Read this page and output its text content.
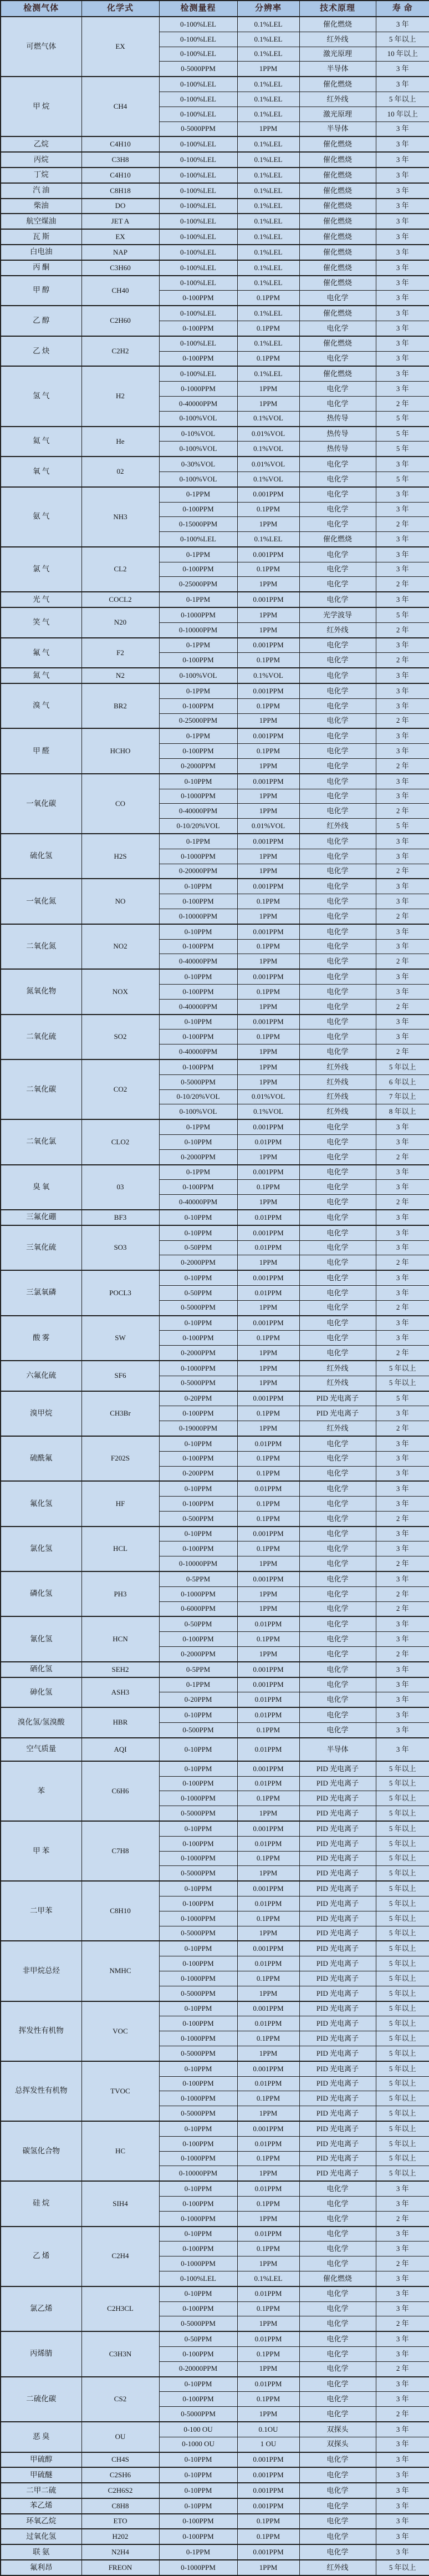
检测气体	化学式	检测量程	分辨率	技术原理	寿 命
可燃气体	EX	0-100%LEL	0.1%LEL	催化燃烧	3 年
		0-100%LEL	0.1%LEL	红外线	5 年以上
		0-100%LEL	0.1%LEL	激光原理	10 年以上
		0-5000PPM	1PPM	半导体	3 年
甲 烷	CH4	0-100%LEL	0.1%LEL	催化燃烧	3 年
		0-100%LEL	0.1%LEL	红外线	5 年以上
		0-100%LEL	0.1%LEL	激光原理	10 年以上
		0-5000PPM	1PPM	半导体	3 年
乙烷	C4H10	0-100%LEL	0.1%LEL	催化燃烧	3 年
丙烷	C3H8	0-100%LEL	0.1%LEL	催化燃烧	3 年
丁烷	C4H10	0-100%LEL	0.1%LEL	催化燃烧	3 年
汽 油	C8H18	0-100%LEL	0.1%LEL	催化燃烧	3 年
柴油	DO	0-100%LEL	0.1%LEL	催化燃烧	3 年
航空煤油	JET A	0-100%LEL	0.1%LEL	催化燃烧	3 年
瓦 斯	EX	0-100%LEL	0.1%LEL	催化燃烧	3 年
白电油	NAP	0-100%LEL	0.1%LEL	催化燃烧	3 年
丙 酮	C3H60	0-100%LEL	0.1%LEL	催化燃烧	3 年
甲 醇	CH40	0-100%LEL	0.1%LEL	催化燃烧	3 年
		0-100PPM	0.1PPM	电化学	3 年
乙 醇	C2H60	0-100%LEL	0.1%LEL	催化燃烧	3 年
		0-100PPM	0.1PPM	电化学	3 年
乙 炔	C2H2	0-100%LEL	0.1%LEL	催化燃烧	3 年
		0-100PPM	0.1PPM	电化学	3 年
氢 气	H2	0-100%LEL	0.1%LEL	催化燃烧	3 年
		0-1000PPM	1PPM	电化学	3 年
		0-40000PPM	1PPM	电化学	2 年
		0-100%VOL	0.1%VOL	热传导	5 年
氦 气	He	0-10%VOL	0.01%VOL	热传导	5 年
		0-100%VOL	0.1%VOL	热传导	5 年
氧 气	02	0-30%VOL	0.01%VOL	电化学	3 年
		0-100%VOL	0.1%VOL	电化学	5 年
氨 气	NH3	0-1PPM	0.001PPM	电化学	3 年
		0-100PPM	0.1PPM	电化学	3 年
		0-15000PPM	1PPM	电化学	2 年
		0-100%LEL	0.1%LEL	催化燃烧	3 年
氯 气	CL2	0-1PPM	0.001PPM	电化学	3 年
		0-100PPM	0.1PPM	电化学	3 年
		0-25000PPM	1PPM	电化学	2 年
光 气	COCL2	0-1PPM	0.001PPM	电化学	3 年
笑 气	N20	0-1000PPM	1PPM	光学波导	5 年
		0-10000PPM	1PPM	红外线	2 年
氟 气	F2	0-1PPM	0.001PPM	电化学	3 年
		0-100PPM	0.1PPM	电化学	2 年
氮 气	N2	0-100%VOL	0.1%VOL	电化学	3 年
溴 气	BR2	0-1PPM	0.001PPM	电化学	3 年
		0-100PPM	0.1PPM	电化学	3 年
		0-25000PPM	1PPM	电化学	2 年
甲 醛	HCHO	0-1PPM	0.001PPM	电化学	3 年
		0-100PPM	0.1PPM	电化学	3 年
		0-2000PPM	1PPM	电化学	2 年
一氧化碳	CO	0-10PPM	0.001PPM	电化学	3 年
		0-1000PPM	1PPM	电化学	3 年
		0-40000PPM	1PPM	电化学	2 年
		0-10/20%VOL	0.01%VOL	红外线	5 年
硫化氢	H2S	0-1PPM	0.001PPM	电化学	3 年
		0-1000PPM	1PPM	电化学	3 年
		0-20000PPM	1PPM	电化学	2 年
一氧化氮	NO	0-10PPM	0.001PPM	电化学	3 年
		0-100PPM	0.1PPM	电化学	3 年
		0-10000PPM	1PPM	电化学	2 年
二氧化氮	NO2	0-10PPM	0.001PPM	电化学	3 年
		0-100PPM	0.1PPM	电化学	3 年
		0-40000PPM	1PPM	电化学	2 年
氮氧化物	NOX	0-10PPM	0.001PPM	电化学	3 年
		0-100PPM	0.1PPM	电化学	3 年
		0-40000PPM	1PPM	电化学	2 年
二氧化硫	SO2	0-10PPM	0.001PPM	电化学	3 年
		0-100PPM	0.1PPM	电化学	3 年
		0-40000PPM	1PPM	电化学	2 年
二氧化碳	CO2	0-100PPM	1PPM	红外线	5 年以上
		0-5000PPM	1PPM	红外线	6 年以上
		0-10/20%VOL	0.01%VOL	红外线	7 年以上
		0-100%VOL	0.1%VOL	红外线	8 年以上
二氧化氯	CLO2	0-1PPM	0.001PPM	电化学	3 年
		0-10PPM	0.01PPM	电化学	3 年
		0-2000PPM	1PPM	电化学	2 年
臭 氧	03	0-1PPM	0.001PPM	电化学	3 年
		0-100PPM	0.1PPM	电化学	3 年
		0-40000PPM	1PPM	电化学	2 年
三氟化硼	BF3	0-10PPM	0.01PPM	电化学	3 年
三氧化硫	SO3	0-10PPM	0.001PPM	电化学	3 年
		0-50PPM	0.01PPM	电化学	3 年
		0-2000PPM	1PPM	电化学	2 年
三氯氧磷	POCL3	0-10PPM	0.001PPM	电化学	3 年
		0-50PPM	0.01PPM	电化学	3 年
		0-5000PPM	1PPM	电化学	2 年
酸 雾	SW	0-10PPM	0.001PPM	电化学	3 年
		0-100PPM	0.1PPM	电化学	3 年
		0-2000PPM	1PPM	电化学	2 年
六氟化硫	SF6	0-1000PPM	1PPM	红外线	5 年以上
		0-5000PPM	1PPM	红外线	5 年以上
溴甲烷	CH3Br	0-20PPM	0.001PPM	PID 光电离子	5 年
		0-100PPM	0.1PPM	PID 光电离子	3 年
		0-19000PPM	1PPM	红外线	2 年
硫酰氟	F202S	0-10PPM	0.01PPM	电化学	3 年
		0-100PPM	0.1PPM	电化学	3 年
		0-200PPM	0.1PPM	电化学	3 年
氟化氢	HF	0-10PPM	0.01PPM	电化学	3 年
		0-100PPM	0.1PPM	电化学	3 年
		0-500PPM	0.1PPM	电化学	2 年
氯化氢	HCL	0-10PPM	0.001PPM	电化学	3 年
		0-100PPM	0.1PPM	电化学	3 年
		0-10000PPM	1PPM	电化学	2 年
磷化氢	PH3	0-5PPM	0.001PPM	电化学	3 年
		0-1000PPM	1PPM	电化学	2 年
		0-6000PPM	1PPM	电化学	2 年
氰化氢	HCN	0-50PPM	0.01PPM	电化学	3 年
		0-100PPM	0.1PPM	电化学	3 年
		0-2000PPM	1PPM	电化学	2 年
硒化氢	SEH2	0-5PPM	0.001PPM	电化学	3 年
砷化氢	ASH3	0-1PPM	0.001PPM	电化学	3 年
		0-20PPM	0.01PPM	电化学	3 年
溴化氢/氢溴酸	HBR	0-10PPM	0.01PPM	电化学	3 年
		0-500PPM	0.1PPM	电化学	3 年
空气质量	AQI	0-10PPM	0.01PPM	半导体	3 年
苯	C6H6	0-10PPM	0.001PPM	PID 光电离子	5 年以上
		0-100PPM	0.01PPM	PID 光电离子	5 年以上
		0-1000PPM	0.1PPM	PID 光电离子	5 年以上
		0-5000PPM	1PPM	PID 光电离子	5 年以上
甲 苯	C7H8	0-10PPM	0.001PPM	PID 光电离子	5 年以上
		0-100PPM	0.01PPM	PID 光电离子	5 年以上
		0-1000PPM	0.1PPM	PID 光电离子	5 年以上
		0-5000PPM	1PPM	PID 光电离子	5 年以上
二甲苯	C8H10	0-10PPM	0.001PPM	PID 光电离子	5 年以上
		0-100PPM	0.01PPM	PID 光电离子	5 年以上
		0-1000PPM	0.1PPM	PID 光电离子	5 年以上
		0-5000PPM	1PPM	PID 光电离子	5 年以上
非甲烷总烃	NMHC	0-10PPM	0.001PPM	PID 光电离子	5 年以上
		0-100PPM	0.01PPM	PID 光电离子	5 年以上
		0-1000PPM	0.1PPM	PID 光电离子	5 年以上
		0-5000PPM	1PPM	PID 光电离子	5 年以上
挥发性有机物	VOC	0-10PPM	0.001PPM	PID 光电离子	5 年以上
		0-100PPM	0.01PPM	PID 光电离子	5 年以上
		0-1000PPM	0.1PPM	PID 光电离子	5 年以上
		0-5000PPM	1PPM	PID 光电离子	5 年以上
总挥发性有机物	TVOC	0-10PPM	0.001PPM	PID 光电离子	5 年以上
		0-100PPM	0.01PPM	PID 光电离子	5 年以上
		0-1000PPM	0.1PPM	PID 光电离子	5 年以上
		0-5000PPM	1PPM	PID 光电离子	5 年以上
碳氢化合物	HC	0-10PPM	0.001PPM	PID 光电离子	5 年以上
		0-100PPM	0.01PPM	PID 光电离子	5 年以上
		0-1000PPM	0.1PPM	PID 光电离子	5 年以上
		0-10000PPM	1PPM	PID 光电离子	5 年以上
硅 烷	SIH4	0-10PPM	0.01PPM	电化学	3 年
		0-100PPM	0.1PPM	电化学	3 年
		0-1000PPM	1PPM	电化学	2 年
乙 烯	C2H4	0-10PPM	0.01PPM	电化学	3 年
		0-100PPM	0.1PPM	电化学	3 年
		0-1000PPM	1PPM	电化学	2 年
		0-100%LEL	0.1%LEL	催化燃烧	3 年
氯乙烯	C2H3CL	0-10PPM	0.01PPM	电化学	3 年
		0-100PPM	0.1PPM	电化学	3 年
		0-5000PPM	1PPM	电化学	2 年
丙烯腈	C3H3N	0-50PPM	0.01PPM	电化学	3 年
		0-100PPM	0.1PPM	电化学	3 年
		0-20000PPM	1PPM	电化学	2 年
二硫化碳	CS2	0-10PPM	0.01PPM	电化学	3 年
		0-100PPM	0.1PPM	电化学	3 年
		0-5000PPM	1PPM	电化学	2 年
恶 臭	OU	0-100 OU	0.1OU	双探头	3 年
		0-1000 OU	1 OU	双探头	3 年
甲硫醇	CH4S	0-10PPM	0.001PPM	电化学	3 年
甲硫醚	C2SH6	0-10PPM	0.001PPM	电化学	3 年
二甲二硫	C2H6S2	0-10PPM	0.001PPM	电化学	3 年
苯乙烯	C8H8	0-10PPM	0.001PPM	电化学	3 年
环氧乙烷	ETO	0-100PPM	0.1PPM	电化学	3 年
过氧化氢	H202	0-100PPM	0.1PPM	电化学	3 年
联 氨	N2H4	0-1PPM	0.001PPM	电化学	3 年
氟利昂	FREON	0-1000PPM	1PPM	红外线	5 年以上
